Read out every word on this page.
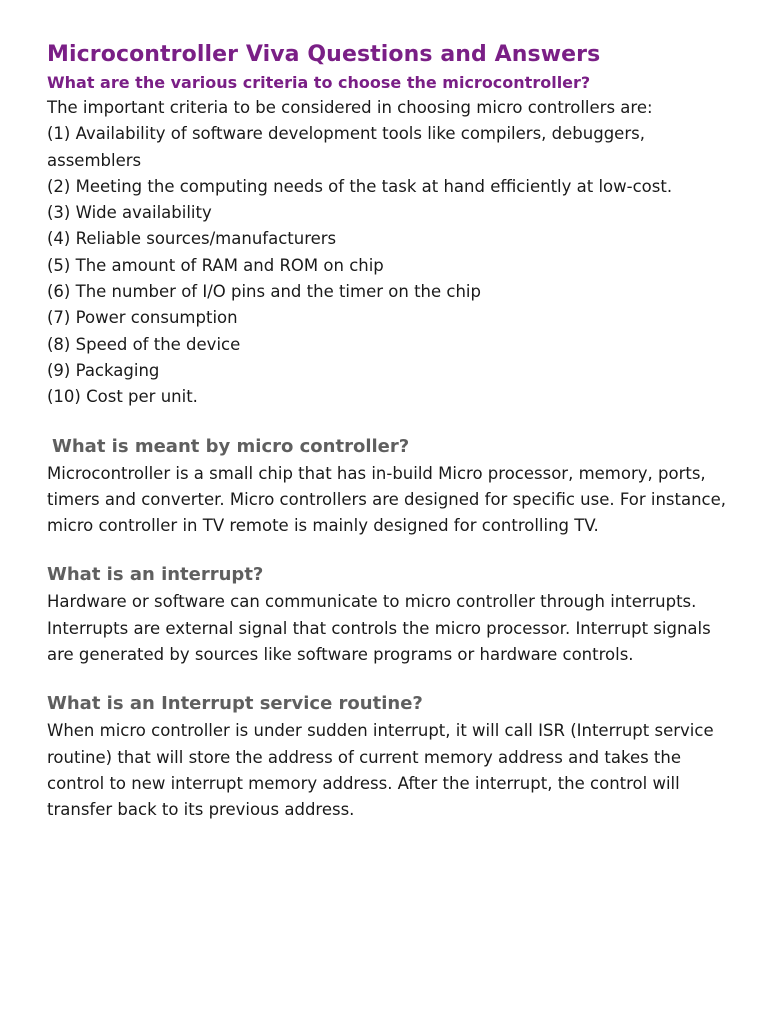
Microcontroller Viva Questions and Answers
What are the various criteria to choose the microcontroller?

The important criteria to be considered in choosing micro controllers are:

(1) Availability of software development tools like compilers, debuggers, assemblers
(2) Meeting the computing needs of the task at hand efficiently at low-cost.
(3) Wide availability
(4) Reliable sources/manufacturers
(5) The amount of RAM and ROM on chip
(6) The number of I/O pins and the timer on the chip
(7) Power consumption
(8) Speed of the device
(9) Packaging
(10) Cost per unit.
What is meant by micro controller?

Microcontroller is a small chip that has in-build Micro processor, memory, ports, timers and converter. Micro controllers are designed for specific use. For instance, micro controller in TV remote is mainly designed for controlling TV.

What is an interrupt?

Hardware or software can communicate to micro controller through interrupts. Interrupts are external signal that controls the micro processor. Interrupt signals are generated by sources like software programs or hardware controls.

What is an Interrupt service routine?

When micro controller is under sudden interrupt, it will call ISR (Interrupt service routine) that will store the address of current memory address and takes the control to new interrupt memory address. After the interrupt, the control will transfer back to its previous address.
